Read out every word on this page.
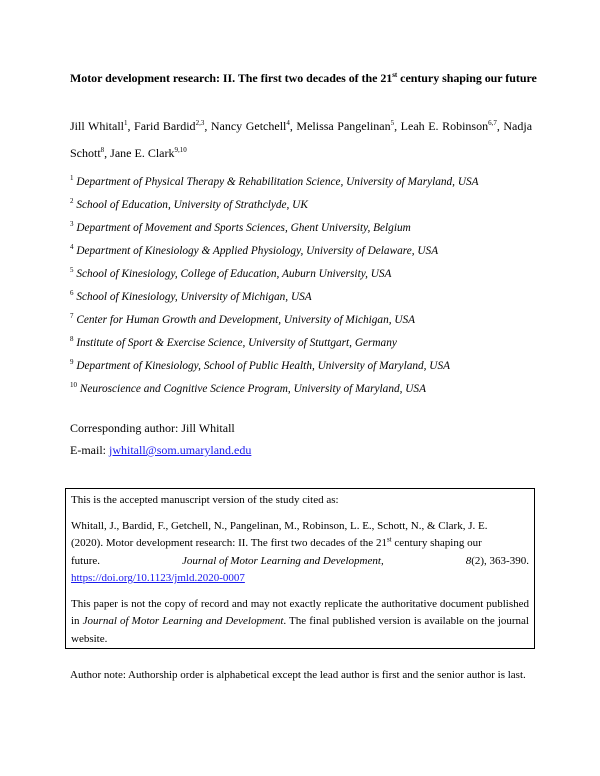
Motor development research: II. The first two decades of the 21st century shaping our future
Jill Whitall$^1$, Farid Bardid$^{2,3}$, Nancy Getchell$^4$, Melissa Pangelinan$^5$, Leah E. Robinson$^{6,7}$, Nadja Schott$^8$, Jane E. Clark$^{9,10}$
$^1$ Department of Physical Therapy & Rehabilitation Science, University of Maryland, USA
$^2$ School of Education, University of Strathclyde, UK
$^3$ Department of Movement and Sports Sciences, Ghent University, Belgium
$^4$ Department of Kinesiology & Applied Physiology, University of Delaware, USA
$^5$ School of Kinesiology, College of Education, Auburn University, USA
$^6$ School of Kinesiology, University of Michigan, USA
$^7$ Center for Human Growth and Development, University of Michigan, USA
$^8$ Institute of Sport & Exercise Science, University of Stuttgart, Germany
$^9$ Department of Kinesiology, School of Public Health, University of Maryland, USA
$^{10}$ Neuroscience and Cognitive Science Program, University of Maryland, USA
Corresponding author: Jill Whitall
E-mail: jwhitall@som.umaryland.edu

This is the accepted manuscript version of the study cited as:

Whitall, J., Bardid, F., Getchell, N., Pangelinan, M., Robinson, L. E., Schott, N., & Clark, J. E.

(2020). Motor development research: II. The first two decades of the 21st century shaping our

future.	Journal of Motor Learning and Development,	8(2), 363-390.

https://doi.org/10.1123/jmld.2020-0007

This paper is not the copy of record and may not exactly replicate the authoritative document published in Journal of Motor Learning and Development. The final published version is available on the journal website.

Author note: Authorship order is alphabetical except the lead author is first and the senior author is last.
